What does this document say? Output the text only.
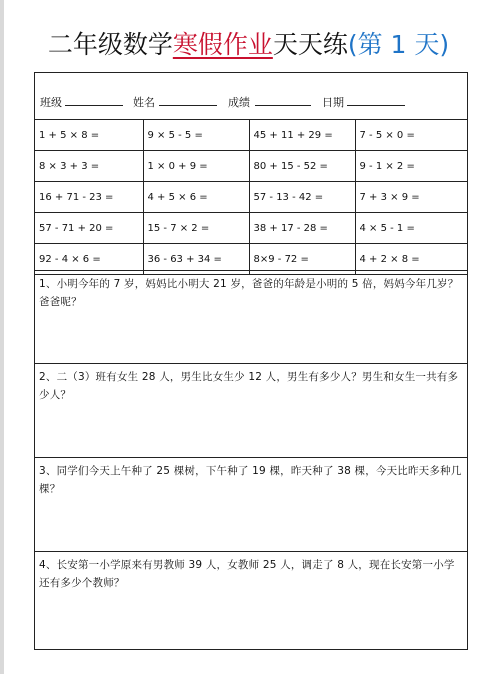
二年级数学寒假作业天天练(第 1 天)
班级	姓名	成绩	日期
1 + 5 × 8 =	9 × 5 - 5 =	45 + 11 + 29 =	7 - 5 × 0 =
8 × 3 + 3 =	1 × 0 + 9 =	80 + 15 - 52 =	9 - 1 × 2 =
16 + 71 - 23 =	4 + 5 × 6 =	57 - 13 - 42 =	7 + 3 × 9 =
57 - 71 + 20 =	15 - 7 × 2 =	38 + 17 - 28 =	4 × 5 - 1 =
92 - 4 × 6 =	36 - 63 + 34 =	8×9 - 72 =	4 + 2 × 8 =
1、小明今年的 7 岁，妈妈比小明大 21 岁，爸爸的年龄是小明的 5 倍，妈妈今年几岁？爸爸呢？
2、二（3）班有女生 28 人，男生比女生少 12 人，男生有多少人？男生和女生一共有多少人？
3、同学们今天上午种了 25 棵树，下午种了 19 棵，昨天种了 38 棵，今天比昨天多种几棵？
4、长安第一小学原来有男教师 39 人，女教师 25 人，调走了 8 人，现在长安第一小学还有多少个教师？
